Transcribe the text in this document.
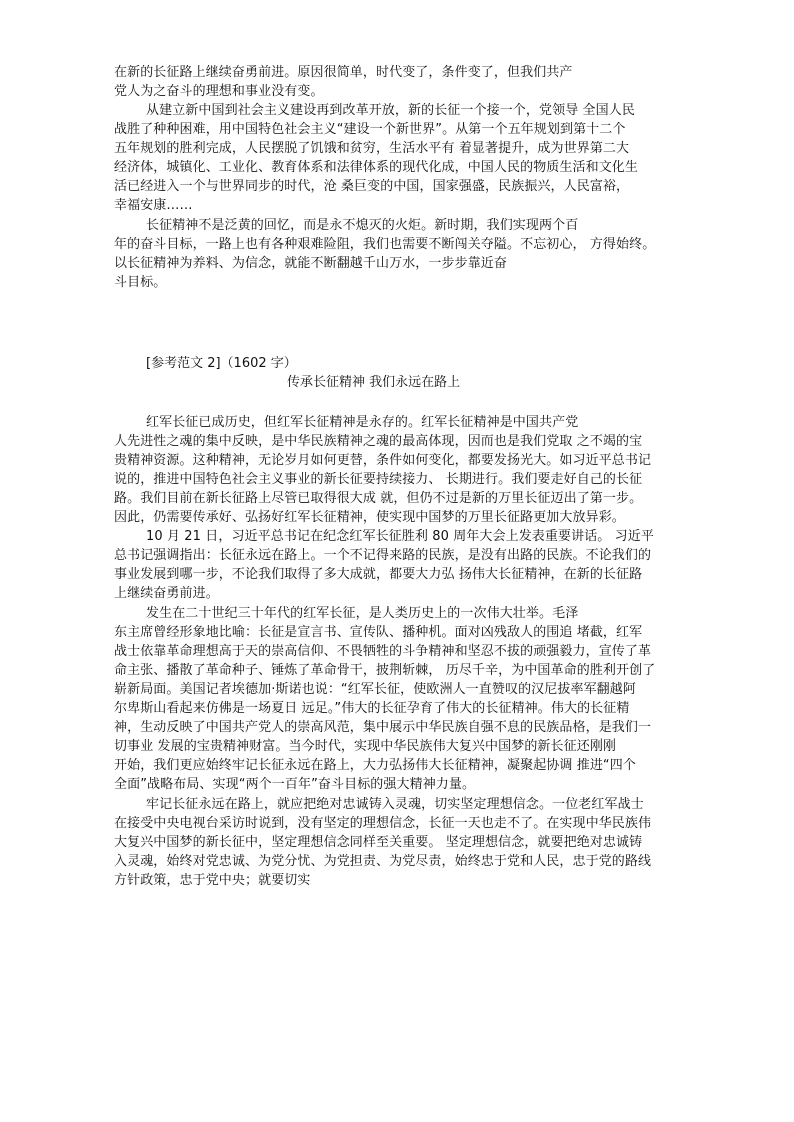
在新的长征路上继续奋勇前进。原因很简单，时代变了，条件变了，但我们共产
党人为之奋斗的理想和事业没有变。
从建立新中国到社会主义建设再到改革开放，新的长征一个接一个，党领导 全国人民
战胜了种种困难，用中国特色社会主义“建设一个新世界”。从第一个五年规划到第十二个
五年规划的胜利完成，人民摆脱了饥饿和贫穷，生活水平有 着显著提升，成为世界第二大
经济体，城镇化、工业化、教育体系和法律体系的现代化成，中国人民的物质生活和文化生
活已经进入一个与世界同步的时代，沧 桑巨变的中国，国家强盛，民族振兴，人民富裕，
幸福安康……
长征精神不是泛黄的回忆，而是永不熄灭的火炬。新时期，我们实现两个百
年的奋斗目标，一路上也有各种艰难险阻，我们也需要不断闯关夺隘。不忘初心， 方得始终。
以长征精神为养料、为信念，就能不断翻越千山万水，一步步靠近奋
斗目标。
[参考范文 2]（1602 字）
传承长征精神 我们永远在路上
红军长征已成历史，但红军长征精神是永存的。红军长征精神是中国共产党
人先进性之魂的集中反映，是中华民族精神之魂的最高体现，因而也是我们党取 之不竭的宝
贵精神资源。这种精神，无论岁月如何更替，条件如何变化，都要发扬光大。如习近平总书记
说的，推进中国特色社会主义事业的新长征要持续接力、 长期进行。我们要走好自己的长征
路。我们目前在新长征路上尽管已取得很大成 就，但仍不过是新的万里长征迈出了第一步。
因此，仍需要传承好、弘扬好红军长征精神，使实现中国梦的万里长征路更加大放异彩。
10 月 21 日，习近平总书记在纪念红军长征胜利 80 周年大会上发表重要讲话。 习近平
总书记强调指出：长征永远在路上。一个不记得来路的民族，是没有出路的民族。不论我们的
事业发展到哪一步，不论我们取得了多大成就，都要大力弘 扬伟大长征精神，在新的长征路
上继续奋勇前进。
发生在二十世纪三十年代的红军长征，是人类历史上的一次伟大壮举。毛泽
东主席曾经形象地比喻：长征是宣言书、宣传队、播种机。面对凶残敌人的围追 堵截，红军
战士依靠革命理想高于天的崇高信仰、不畏牺牲的斗争精神和坚忍不拔的顽强毅力，宣传了革
命主张、播散了革命种子、锤炼了革命骨干，披荆斩棘， 历尽千辛，为中国革命的胜利开创了
崭新局面。美国记者埃德加·斯诺也说：“红军长征，使欧洲人一直赞叹的汉尼拔率军翻越阿
尔卑斯山看起来仿佛是一场夏日 远足。”伟大的长征孕育了伟大的长征精神。伟大的长征精
神，生动反映了中国共产党人的崇高风范，集中展示中华民族自强不息的民族品格，是我们一
切事业 发展的宝贵精神财富。当今时代，实现中华民族伟大复兴中国梦的新长征还刚刚
开始，我们更应始终牢记长征永远在路上，大力弘扬伟大长征精神，凝聚起协调 推进“四个
全面”战略布局、实现“两个一百年”奋斗目标的强大精神力量。
牢记长征永远在路上，就应把绝对忠诚铸入灵魂，切实坚定理想信念。一位老红军战士
在接受中央电视台采访时说到，没有坚定的理想信念，长征一天也走不了。在实现中华民族伟
大复兴中国梦的新长征中，坚定理想信念同样至关重要。 坚定理想信念，就要把绝对忠诚铸
入灵魂，始终对党忠诚、为党分忧、为党担责、为党尽责，始终忠于党和人民，忠于党的路线
方针政策，忠于党中央；就要切实
